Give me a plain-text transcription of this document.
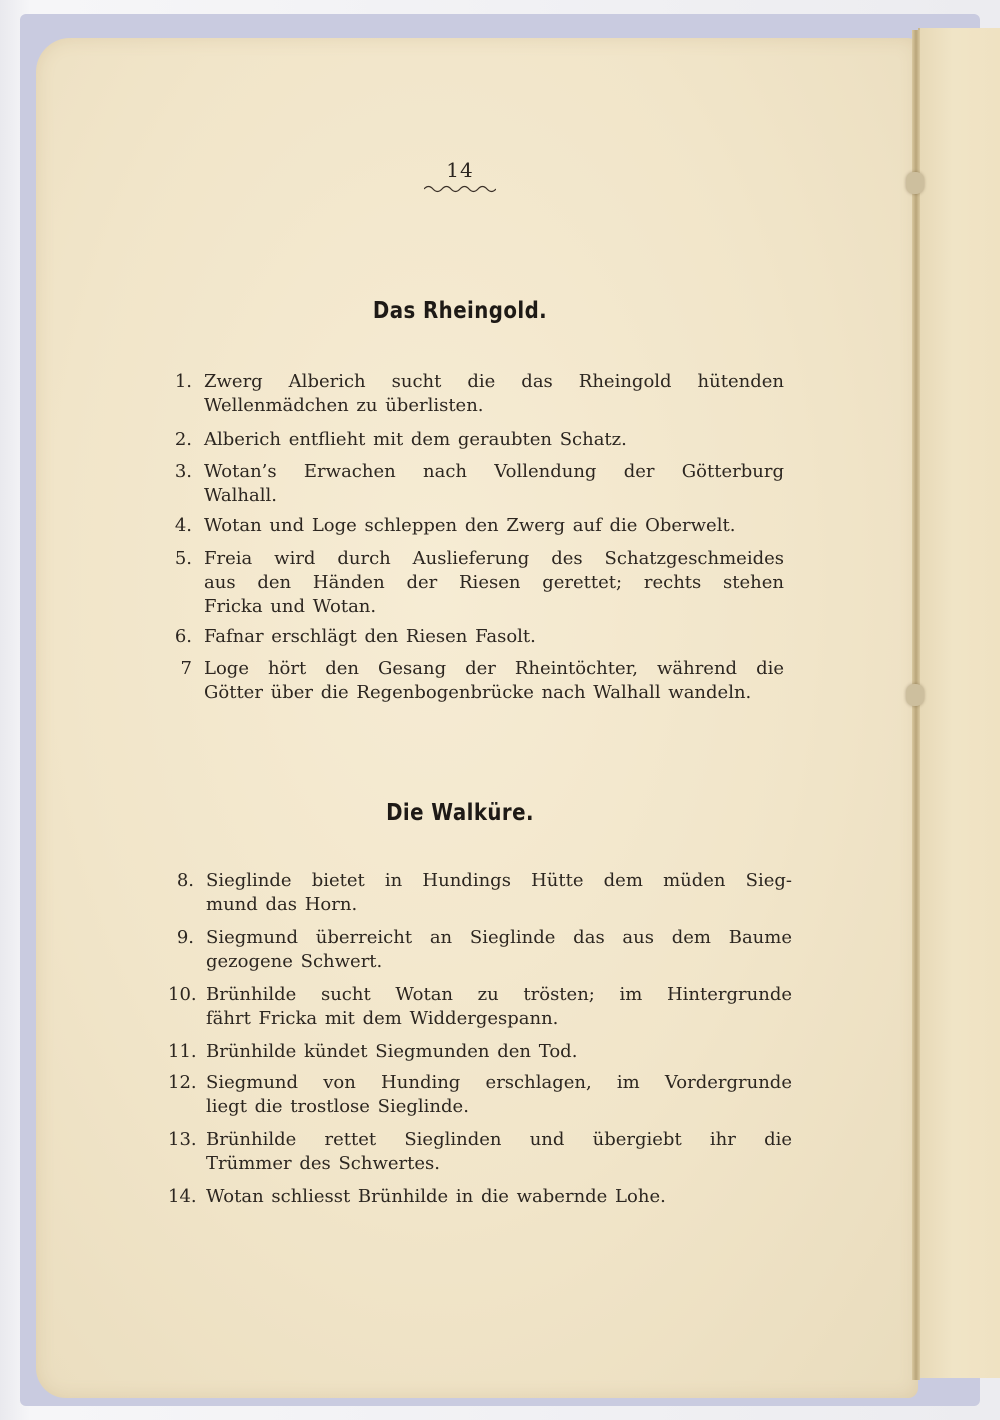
14
Das Rheingold.
1. Zwerg Alberich sucht die das Rheingold hütenden
Wellenmädchen zu überlisten.
2. Alberich entflieht mit dem geraubten Schatz.
3. Wotan’s Erwachen nach Vollendung der Götterburg
Walhall.
4. Wotan und Loge schleppen den Zwerg auf die Oberwelt.
5. Freia wird durch Auslieferung des Schatzgeschmeides
aus den Händen der Riesen gerettet; rechts stehen
Fricka und Wotan.
6. Fafnar erschlägt den Riesen Fasolt.
7 Loge hört den Gesang der Rheintöchter, während die
Götter über die Regenbogenbrücke nach Walhall wandeln.
Die Walküre.
8. Sieglinde bietet in Hundings Hütte dem müden Sieg-
mund das Horn.
9. Siegmund überreicht an Sieglinde das aus dem Baume
gezogene Schwert.
10. Brünhilde sucht Wotan zu trösten; im Hintergrunde
fährt Fricka mit dem Widdergespann.
11. Brünhilde kündet Siegmunden den Tod.
12. Siegmund von Hunding erschlagen, im Vordergrunde
liegt die trostlose Sieglinde.
13. Brünhilde rettet Sieglinden und übergiebt ihr die
Trümmer des Schwertes.
14. Wotan schliesst Brünhilde in die wabernde Lohe.
